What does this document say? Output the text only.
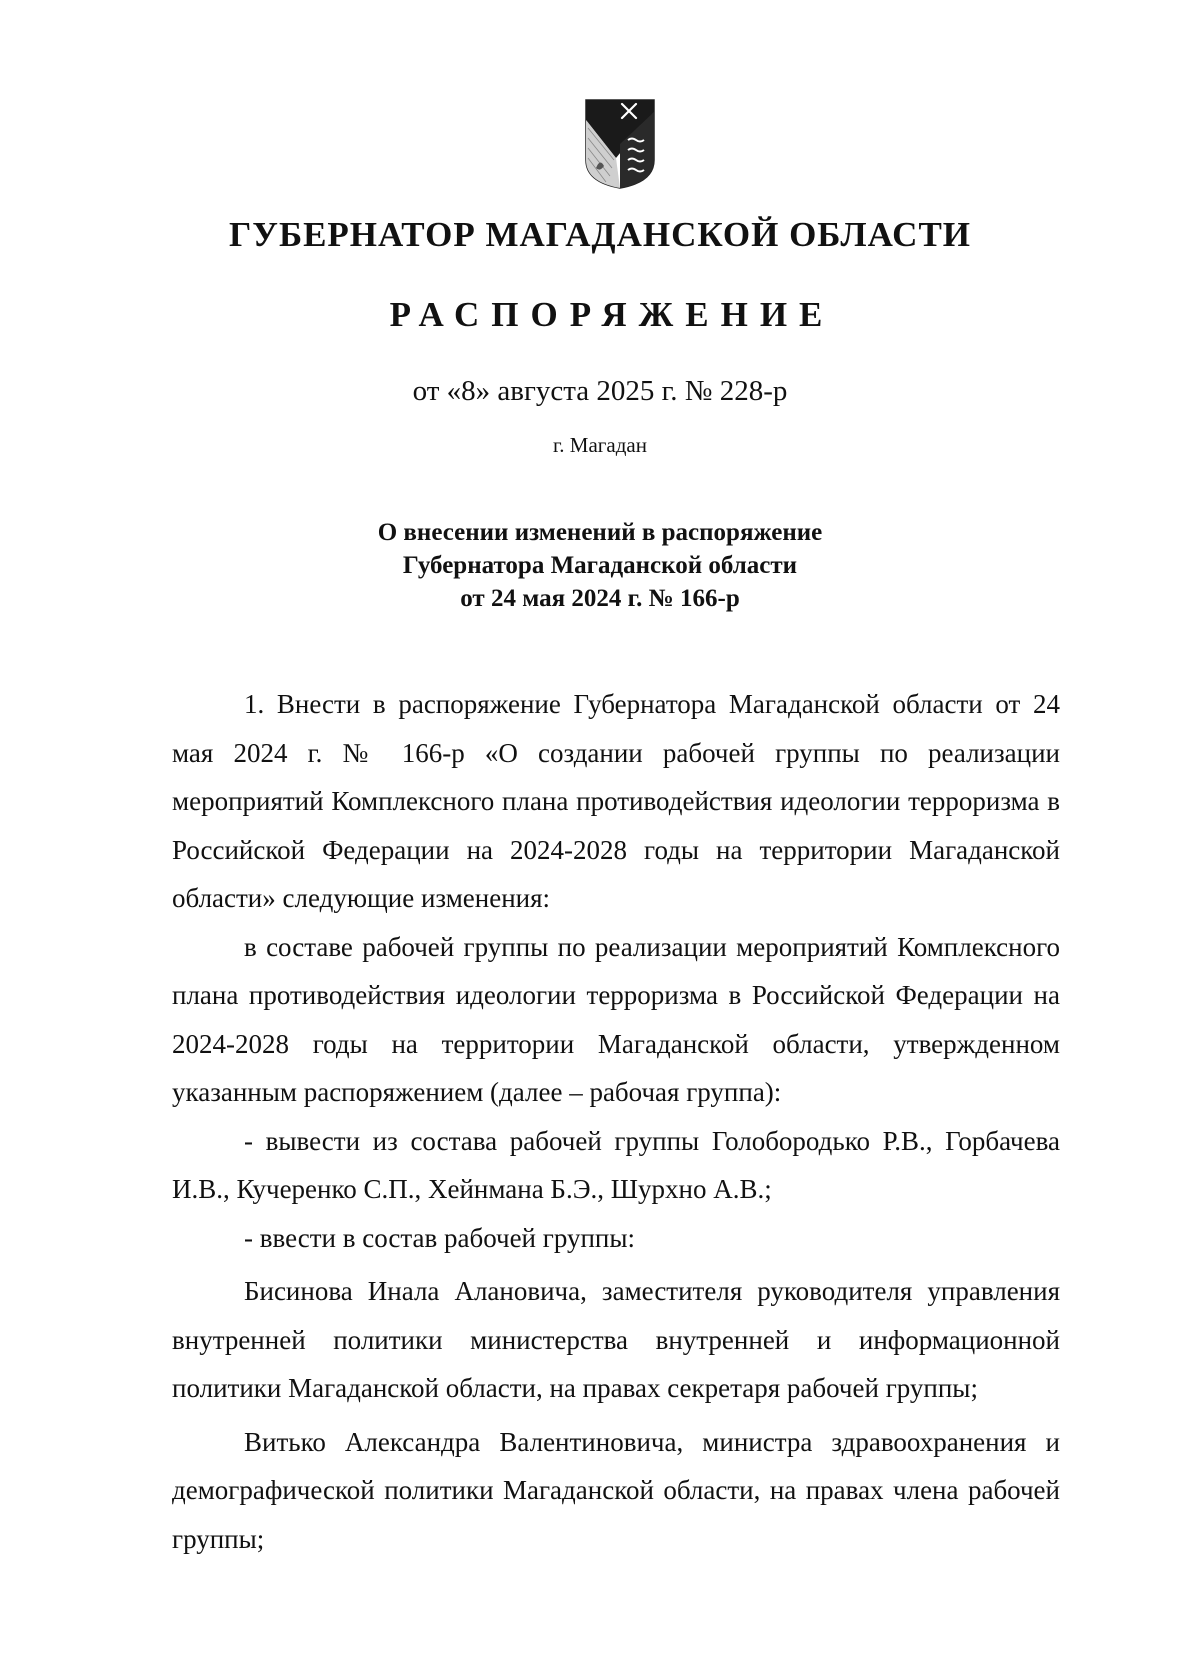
ГУБЕРНАТОР МАГАДАНСКОЙ ОБЛАСТИ
РАСПОРЯЖЕНИЕ
от «8» августа 2025 г. № 228-р
г. Магадан
О внесении изменений в распоряжение
Губернатора Магаданской области
от 24 мая 2024 г. № 166-р

1. Внести в распоряжение Губернатора Магаданской области от 24 мая 2024 г. № 166-р «О создании рабочей группы по реализации мероприятий Комплексного плана противодействия идеологии терроризма в Российской Федерации на 2024-2028 годы на территории Магаданской области» следующие изменения:

в составе рабочей группы по реализации мероприятий Комплексного плана противодействия идеологии терроризма в Российской Федерации на 2024-2028 годы на территории Магаданской области, утвержденном указанным распоряжением (далее – рабочая группа):

- вывести из состава рабочей группы Голобородько Р.В., Горбачева И.В., Кучеренко С.П., Хейнмана Б.Э., Шурхно А.В.;

- ввести в состав рабочей группы:

Бисинова Инала Алановича, заместителя руководителя управления внутренней политики министерства внутренней и информационной политики Магаданской области, на правах секретаря рабочей группы;

Витько Александра Валентиновича, министра здравоохранения и демографической политики Магаданской области, на правах члена рабочей группы;
